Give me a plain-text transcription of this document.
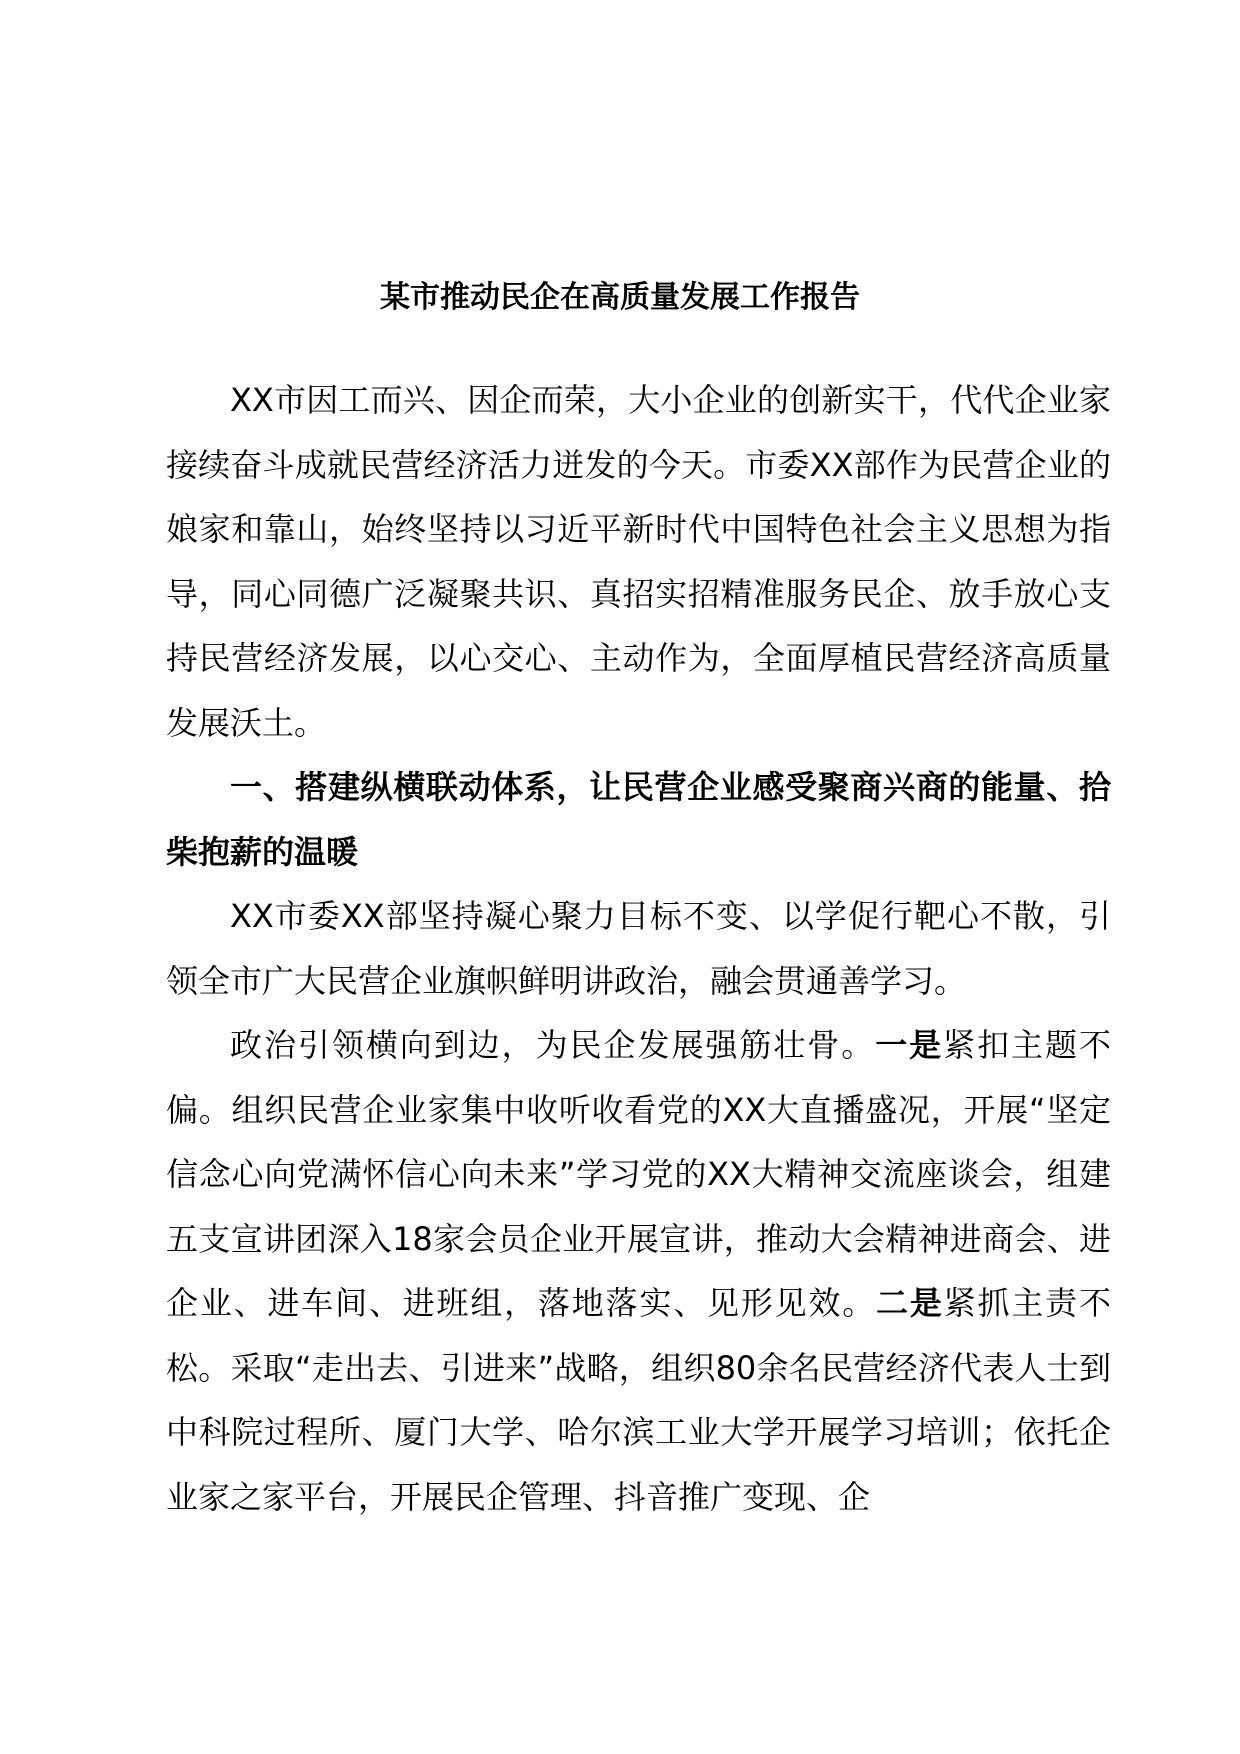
某市推动民企在高质量发展工作报告

XX市因工而兴、因企而荣，大小企业的创新实干，代代企业家接续奋斗成就民营经济活力迸发的今天。市委XX部作为民营企业的娘家和靠山，始终坚持以习近平新时代中国特色社会主义思想为指导，同心同德广泛凝聚共识、真招实招精准服务民企、放手放心支持民营经济发展，以心交心、主动作为，全面厚植民营经济高质量发展沃土。

一、搭建纵横联动体系，让民营企业感受聚商兴商的能量、拾柴抱薪的温暖

XX市委XX部坚持凝心聚力目标不变、以学促行靶心不散，引领全市广大民营企业旗帜鲜明讲政治，融会贯通善学习。

政治引领横向到边，为民企发展强筋壮骨。一是紧扣主题不偏。组织民营企业家集中收听收看党的XX大直播盛况，开展“坚定信念心向党满怀信心向未来”学习党的XX大精神交流座谈会，组建五支宣讲团深入18家会员企业开展宣讲，推动大会精神进商会、进企业、进车间、进班组，落地落实、见形见效。二是紧抓主责不松。采取“走出去、引进来”战略，组织80余名民营经济代表人士到中科院过程所、厦门大学、哈尔滨工业大学开展学习培训；依托企业家之家平台，开展民企管理、抖音推广变现、企
